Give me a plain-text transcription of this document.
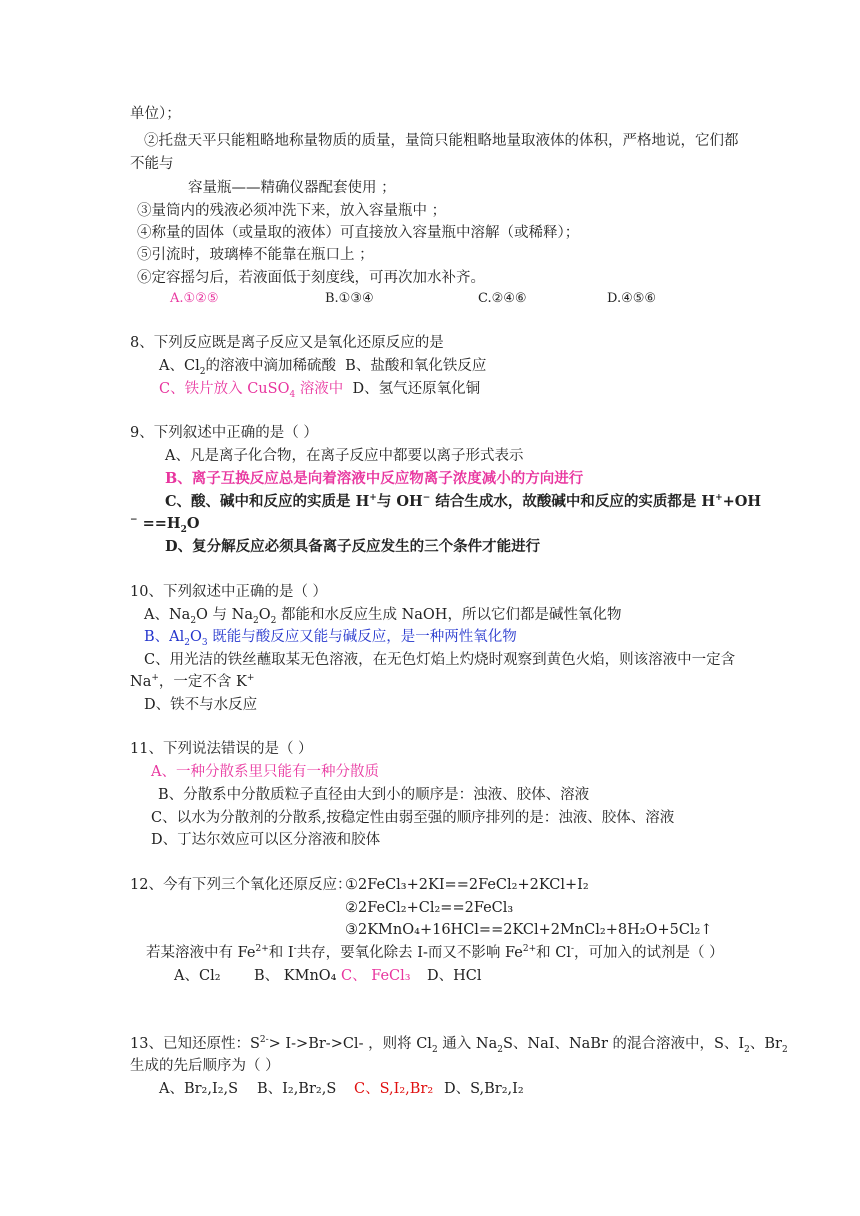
单位）；
②托盘天平只能粗略地称量物质的质量，量筒只能粗略地量取液体的体积，严格地说，它们都
不能与
容量瓶——精确仪器配套使用 ；
③量筒内的残液必须冲洗下来，放入容量瓶中 ；
④称量的固体（或量取的液体）可直接放入容量瓶中溶解（或稀释）；
⑤引流时，玻璃棒不能靠在瓶口上 ；
⑥定容摇匀后，若液面低于刻度线，可再次加水补齐。
A.①②⑤	B.①③④	C.②④⑥	D.④⑤⑥
8、下列反应既是离子反应又是氧化还原反应的是
A、$Cl_2$的溶液中滴加稀硫酸 B、盐酸和氧化铁反应
C、铁片放入 CuSO$_4$ 溶液中 D、氢气还原氧化铜
9、下列叙述中正确的是（ ）
A、凡是离子化合物，在离子反应中都要以离子形式表示
B、离子互换反应总是向着溶液中反应物离子浓度减小的方向进行
C、酸、碱中和反应的实质是 H+与 OH− 结合生成水，故酸碱中和反应的实质都是 H++OH
$^- ==H_2O$
D、复分解反应必须具备离子反应发生的三个条件才能进行
10、下列叙述中正确的是（ ）
A、$Na_2O$ 与 $Na_2O_2$ 都能和水反应生成 NaOH，所以它们都是碱性氧化物
B、$Al_2O_3$ 既能与酸反应又能与碱反应，是一种两性氧化物
C、用光洁的铁丝蘸取某无色溶液，在无色灯焰上灼烧时观察到黄色火焰，则该溶液中一定含
Na+，一定不含 K+
D、铁不与水反应
11、下列说法错误的是（ ）
A、一种分散系里只能有一种分散质
B、分散系中分散质粒子直径由大到小的顺序是：浊液、胶体、溶液
C、以水为分散剂的分散系,按稳定性由弱至强的顺序排列的是：浊液、胶体、溶液
D、丁达尔效应可以区分溶液和胶体
12、今有下列三个氧化还原反应：
①2FeCl₃+2KI==2FeCl₂+2KCl+I₂
②2FeCl₂+Cl₂==2FeCl₃
③2KMnO₄+16HCl==2KCl+2MnCl₂+8H₂O+5Cl₂↑
若某溶液中有 $Fe^{2+}$和 I-共存，要氧化除去 I-而又不影响 $Fe^{2+}$和 Cl-，可加入的试剂是（ ）
A、Cl₂ B、 KMnO₄ C、 FeCl₃ D、HCl
13、已知还原性：$S^{2-}> I->Br->Cl-$ ，则将 $Cl_2$ 通入 $Na_2S$、NaI、NaBr 的混合溶液中，S、$I_2$、$Br_2$
生成的先后顺序为（ ）
A、Br₂,I₂,S B、I₂,Br₂,S C、S,I₂,Br₂ D、S,Br₂,I₂
